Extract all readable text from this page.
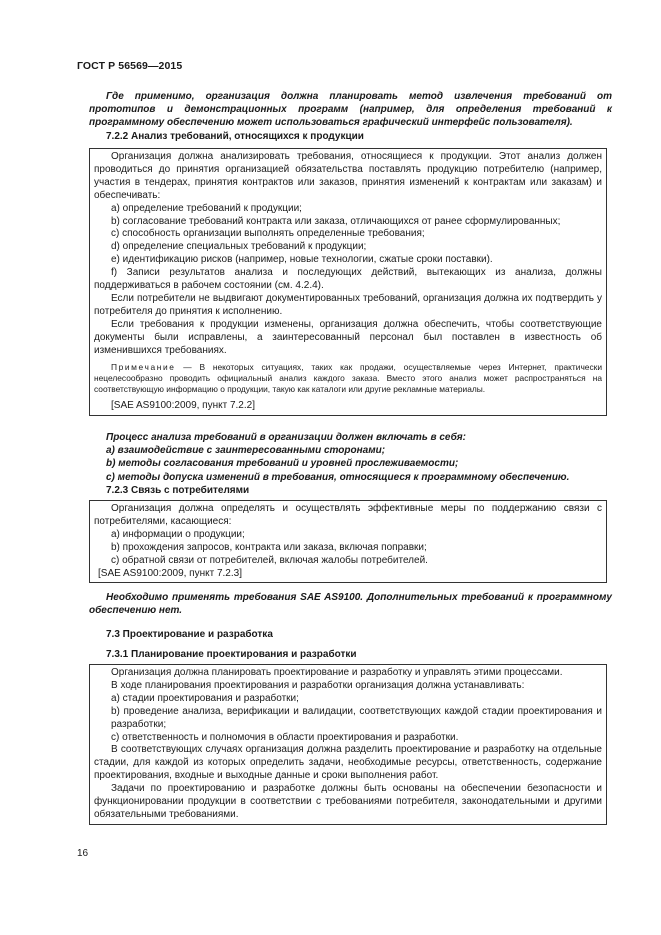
ГОСТ Р 56569—2015

Где применимо, организация должна планировать метод извлечения требований от прототипов и демонстрационных программ (например, для определения требований к программному обеспечению может использоваться графический интерфейс пользователя).

7.2.2 Анализ требований, относящихся к продукции

Организация должна анализировать требования, относящиеся к продукции. Этот анализ должен проводиться до принятия организацией обязательства поставлять продукцию потребителю (например, участия в тендерах, принятия контрактов или заказов, принятия изменений к контрактам или заказам) и обеспечивать:

a) определение требований к продукции;

b) согласование требований контракта или заказа, отличающихся от ранее сформулированных;

c) способность организации выполнять определенные требования;

d) определение специальных требований к продукции;

e) идентификацию рисков (например, новые технологии, сжатые сроки поставки).

f) Записи результатов анализа и последующих действий, вытекающих из анализа, должны поддерживаться в рабочем состоянии (см. 4.2.4).

Если потребители не выдвигают документированных требований, организация должна их подтвердить у потребителя до принятия к исполнению.

Если требования к продукции изменены, организация должна обеспечить, чтобы соответствующие документы были исправлены, а заинтересованный персонал был поставлен в известность об изменившихся требованиях.

Примечание — В некоторых ситуациях, таких как продажи, осуществляемые через Интернет, практически нецелесообразно проводить официальный анализ каждого заказа. Вместо этого анализ может распространяться на соответствующую информацию о продукции, такую как каталоги или другие рекламные материалы.

[SAE AS9100:2009, пункт 7.2.2]

Процесс анализа требований в организации должен включать в себя:

a) взаимодействие с заинтересованными сторонами;

b) методы согласования требований и уровней прослеживаемости;

c) методы допуска изменений в требования, относящиеся к программному обеспечению.

7.2.3 Связь с потребителями

Организация должна определять и осуществлять эффективные меры по поддержанию связи с потребителями, касающиеся:

a) информации о продукции;

b) прохождения запросов, контракта или заказа, включая поправки;

c) обратной связи от потребителей, включая жалобы потребителей.

[SAE AS9100:2009, пункт 7.2.3]

Необходимо применять требования SAE AS9100. Дополнительных требований к программному обеспечению нет.

7.3 Проектирование и разработка

7.3.1 Планирование проектирования и разработки

Организация должна планировать проектирование и разработку и управлять этими процессами.

В ходе планирования проектирования и разработки организация должна устанавливать:

a) стадии проектирования и разработки;

b) проведение анализа, верификации и валидации, соответствующих каждой стадии проектирования и разработки;

c) ответственность и полномочия в области проектирования и разработки.

В соответствующих случаях организация должна разделить проектирование и разработку на отдельные стадии, для каждой из которых определить задачи, необходимые ресурсы, ответственность, содержание проектирования, входные и выходные данные и сроки выполнения работ.

Задачи по проектированию и разработке должны быть основаны на обеспечении безопасности и функционировании продукции в соответствии с требованиями потребителя, законодательными и другими обязательными требованиями.

16
